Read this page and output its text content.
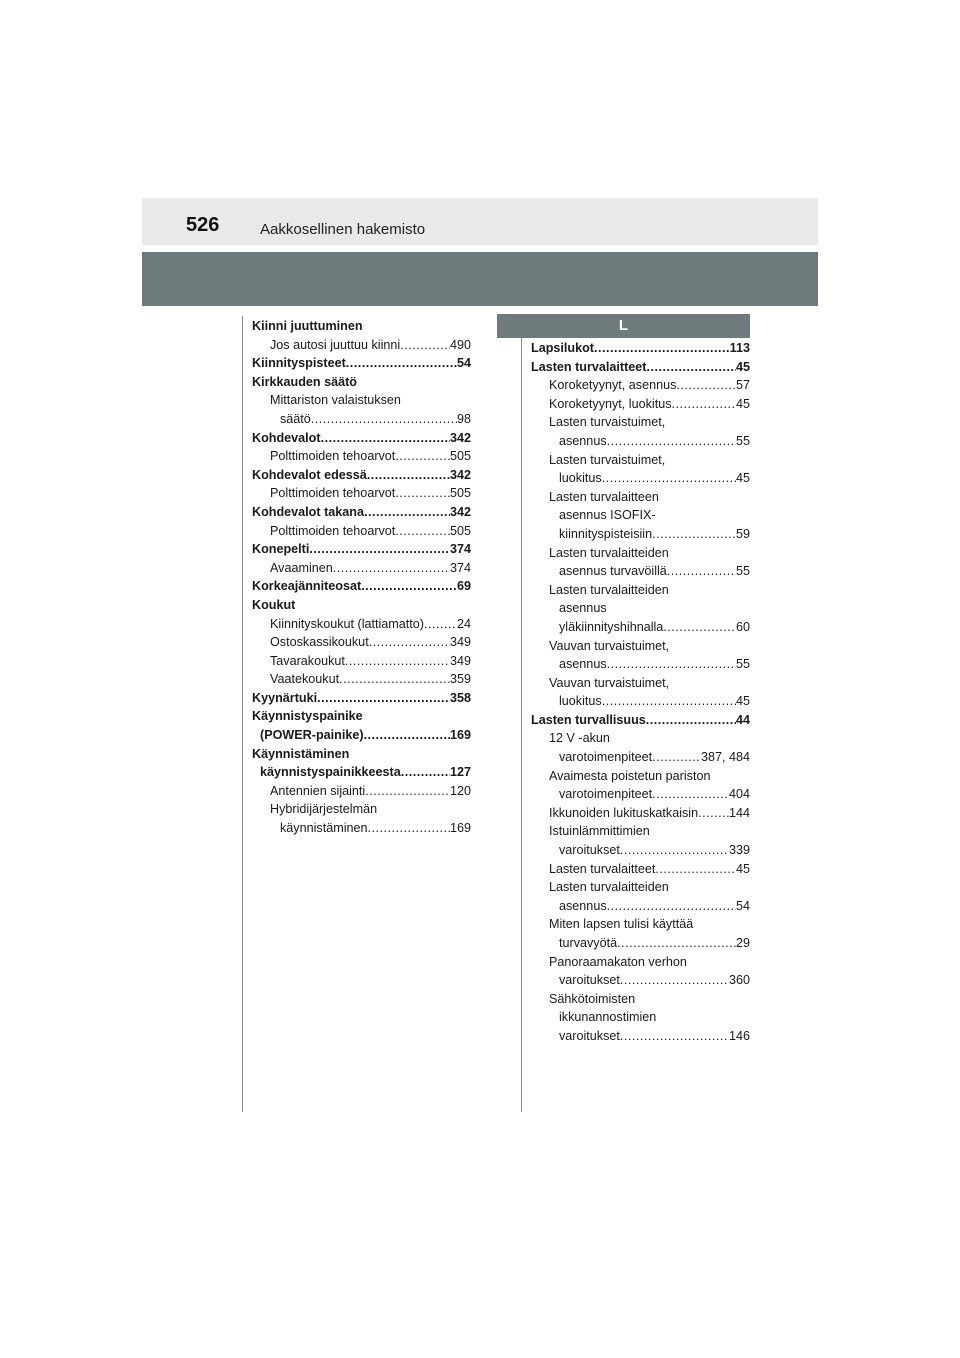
526	Aakkosellinen hakemisto
L
Kiinni juuttuminen
Jos autosi juuttuu kiinni .....	490
Kiinnityspisteet .....	54
Kirkkauden säätö
Mittariston valaistuksen
säätö .....	98
Kohdevalot .....	342
Polttimoiden tehoarvot .....	505
Kohdevalot edessä .....	342
Polttimoiden tehoarvot .....	505
Kohdevalot takana .....	342
Polttimoiden tehoarvot .....	505
Konepelti .....	374
Avaaminen .....	374
Korkeajänniteosat .....	69
Koukut
Kiinnityskoukut (lattiamatto) .....	24
Ostoskassikoukut .....	349
Tavarakoukut .....	349
Vaatekoukut .....	359
Kyynärtuki .....	358
Käynnistyspainike
(POWER-painike) .....	169
Käynnistäminen
käynnistyspainikkeesta .....	127
Antennien sijainti .....	120
Hybridijärjestelmän
käynnistäminen .....	169
Lapsilukot .....	113
Lasten turvalaitteet .....	45
Koroketyynyt, asennus .....	57
Koroketyynyt, luokitus .....	45
Lasten turvaistuimet,
asennus .....	55
Lasten turvaistuimet,
luokitus .....	45
Lasten turvalaitteen
asennus ISOFIX-
kiinnityspisteisiin .....	59
Lasten turvalaitteiden
asennus turvavöillä .....	55
Lasten turvalaitteiden
asennus
yläkiinnityshihnalla .....	60
Vauvan turvaistuimet,
asennus .....	55
Vauvan turvaistuimet,
luokitus .....	45
Lasten turvallisuus .....	44
12 V -akun
varotoimenpiteet .....	387, 484
Avaimesta poistetun pariston
varotoimenpiteet .....	404
Ikkunoiden lukituskatkaisin ..... 144
Istuinlämmittimien
varoitukset .....	339
Lasten turvalaitteet .....	45
Lasten turvalaitteiden
asennus .....	54
Miten lapsen tulisi käyttää
turvavyötä .....	29
Panoraamakaton verhon
varoitukset .....	360
Sähkötoimisten
ikkunannostimien
varoitukset .....	146
